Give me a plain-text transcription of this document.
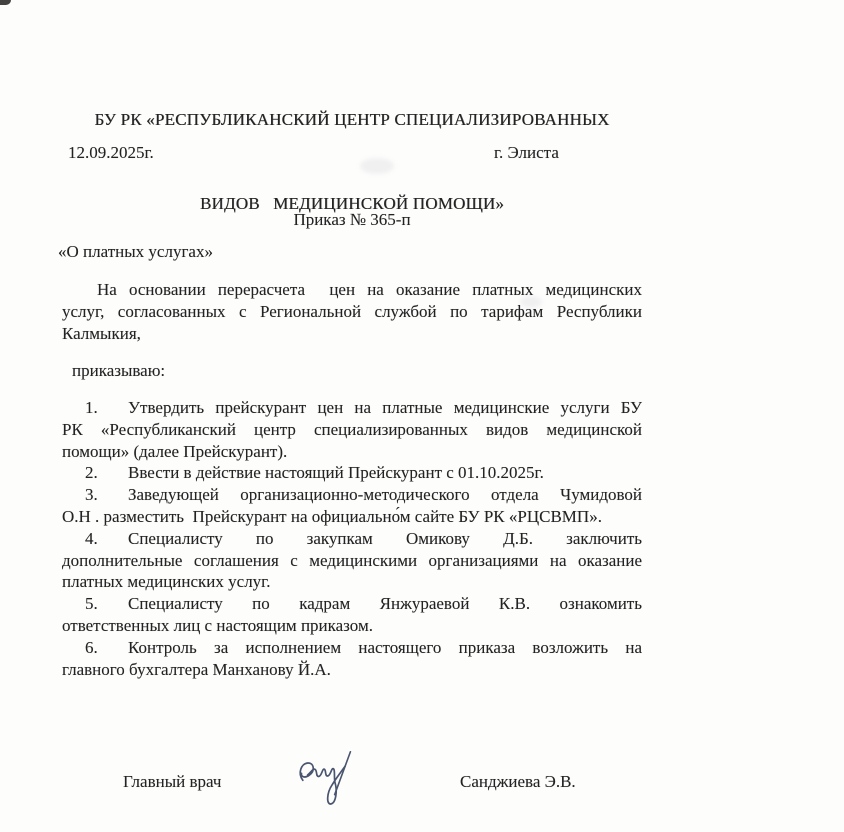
БУ РК «РЕСПУБЛИКАНСКИЙ ЦЕНТР СПЕЦИАЛИЗИРОВАННЫХ

ВИДОВ   МЕДИЦИНСКОЙ ПОМОЩИ»

12.09.2025г.	г. Элиста
Приказ № 365-п
«О платных услугах»
На основании перерасчета  цен на оказание платных медицинских
услуг, согласованных с Региональной службой по тарифам Республики
Калмыкия,
приказываю:
1.	Утвердить прейскурант цен на платные медицинские услуги БУ
РК «Республиканский центр специализированных видов медицинской
помощи» (далее Прейскурант).
2.	Ввести в действие настоящий Прейскурант с 01.10.2025г.
3.	Заведующей организационно-методического отдела Чумидовой
О.Н . разместить  Прейскурант на официально́м сайте БУ РК «РЦСВМП».
4.	Специалисту по закупкам Омикову Д.Б. заключить
дополнительные соглашения с медицинскими организациями на оказание
платных медицинских услуг.
5.	Специалисту по кадрам Янжураевой К.В. ознакомить
ответственных лиц с настоящим приказом.
6.	Контроль за исполнением настоящего приказа возложить на
главного бухгалтера Манханову Й.А.
Главный врач	Санджиева Э.В.
